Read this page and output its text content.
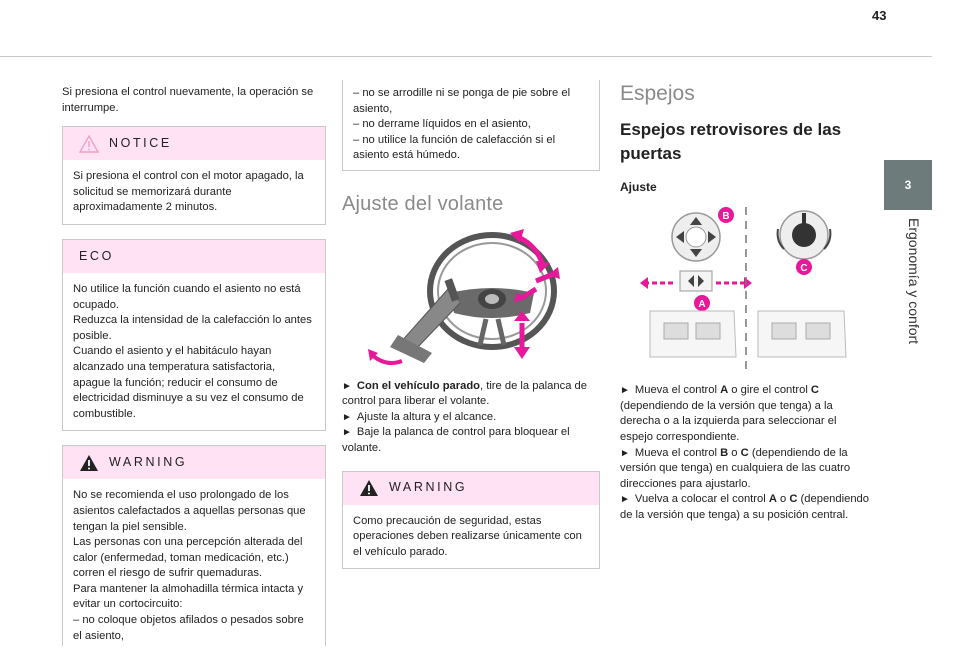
43
3
Ergonomía y confort

Si presiona el control nuevamente, la operación se interrumpe.

NOTICE

Si presiona el control con el motor apagado, la solicitud se memorizará durante aproximadamente 2 minutos.

ECO

No utilice la función cuando el asiento no está ocupado.

Reduzca la intensidad de la calefacción lo antes posible.

Cuando el asiento y el habitáculo hayan alcanzado una temperatura satisfactoria, apague la función; reducir el consumo de electricidad disminuye a su vez el consumo de combustible.

WARNING

No se recomienda el uso prolongado de los asientos calefactados a aquellas personas que tengan la piel sensible.

Las personas con una percepción alterada del calor (enfermedad, toman medicación, etc.) corren el riesgo de sufrir quemaduras.

Para mantener la almohadilla térmica intacta y evitar un cortocircuito:

– no coloque objetos afilados o pesados sobre el asiento,

– no se arrodille ni se ponga de pie sobre el asiento,

– no derrame líquidos en el asiento,

– no utilice la función de calefacción si el asiento está húmedo.

Ajuste del volante

► Con el vehículo parado, tire de la palanca de control para liberar el volante.

► Ajuste la altura y el alcance.

► Baje la palanca de control para bloquear el volante.

WARNING

Como precaución de seguridad, estas operaciones deben realizarse únicamente con el vehículo parado.

Espejos
Espejos retrovisores de las puertas
Ajuste
B
A
C

► Mueva el control A o gire el control C (dependiendo de la versión que tenga) a la derecha o a la izquierda para seleccionar el espejo correspondiente.

► Mueva el control B o C (dependiendo de la versión que tenga) en cualquiera de las cuatro direcciones para ajustarlo.

► Vuelva a colocar el control A o C (dependiendo de la versión que tenga) a su posición central.
